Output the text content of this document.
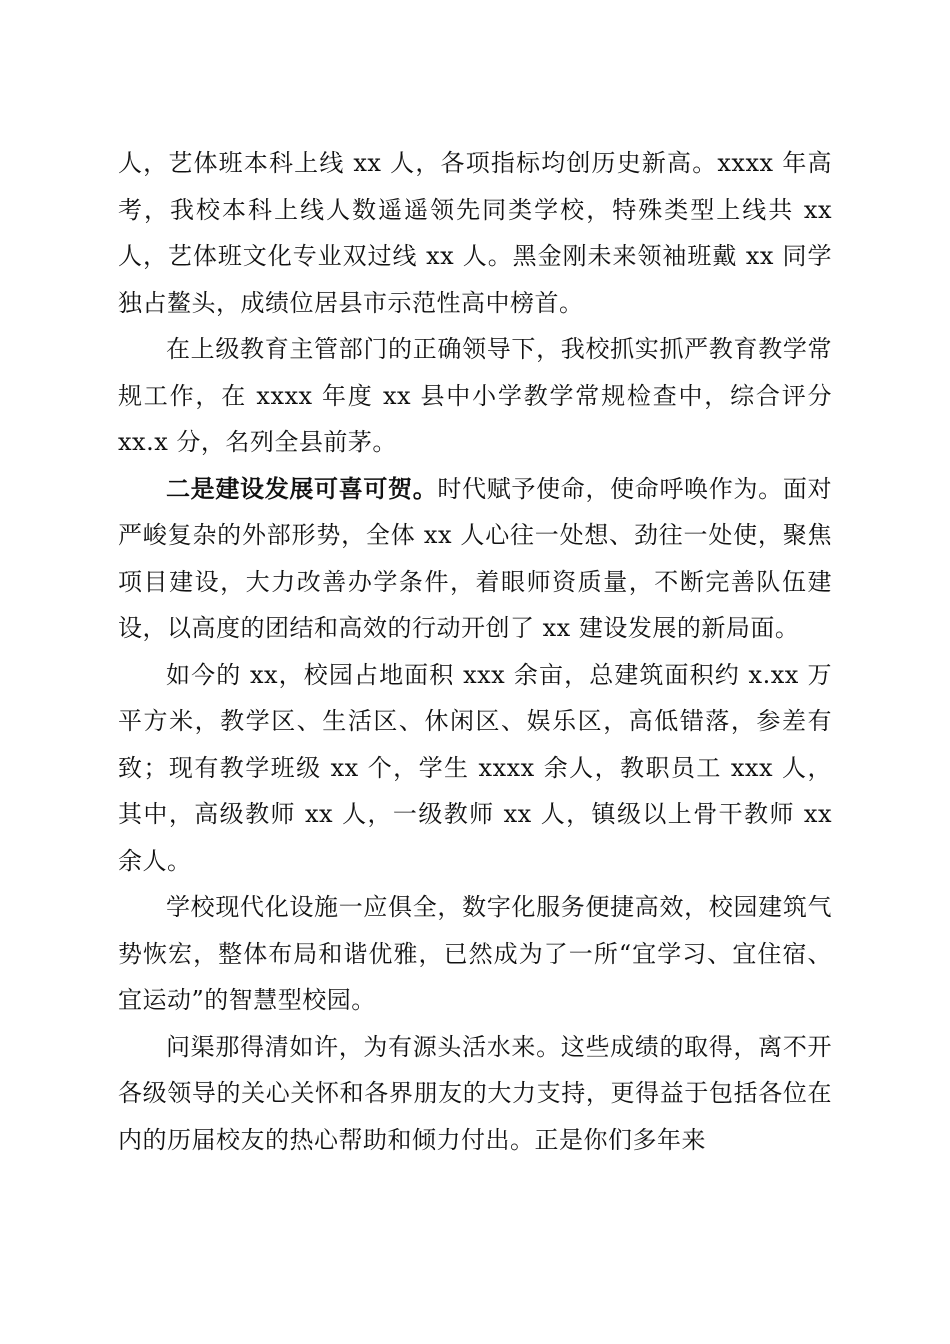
人，艺体班本科上线 xx 人，各项指标均创历史新高。xxxx 年高考，我校本科上线人数遥遥领先同类学校，特殊类型上线共 xx 人，艺体班文化专业双过线 xx 人。黑金刚未来领袖班戴 xx 同学独占鳌头，成绩位居县市示范性高中榜首。

在上级教育主管部门的正确领导下，我校抓实抓严教育教学常规工作，在 xxxx 年度 xx 县中小学教学常规检查中，综合评分 xx.x 分，名列全县前茅。

二是建设发展可喜可贺。时代赋予使命，使命呼唤作为。面对严峻复杂的外部形势，全体 xx 人心往一处想、劲往一处使，聚焦项目建设，大力改善办学条件，着眼师资质量，不断完善队伍建设，以高度的团结和高效的行动开创了 xx 建设发展的新局面。

如今的 xx，校园占地面积 xxx 余亩，总建筑面积约 x.xx 万平方米，教学区、生活区、休闲区、娱乐区，高低错落，参差有致；现有教学班级 xx 个，学生 xxxx 余人，教职员工 xxx 人，其中，高级教师 xx 人，一级教师 xx 人，镇级以上骨干教师 xx 余人。

学校现代化设施一应俱全，数字化服务便捷高效，校园建筑气势恢宏，整体布局和谐优雅，已然成为了一所“宜学习、宜住宿、宜运动”的智慧型校园。

问渠那得清如许，为有源头活水来。这些成绩的取得，离不开各级领导的关心关怀和各界朋友的大力支持，更得益于包括各位在内的历届校友的热心帮助和倾力付出。正是你们多年来
